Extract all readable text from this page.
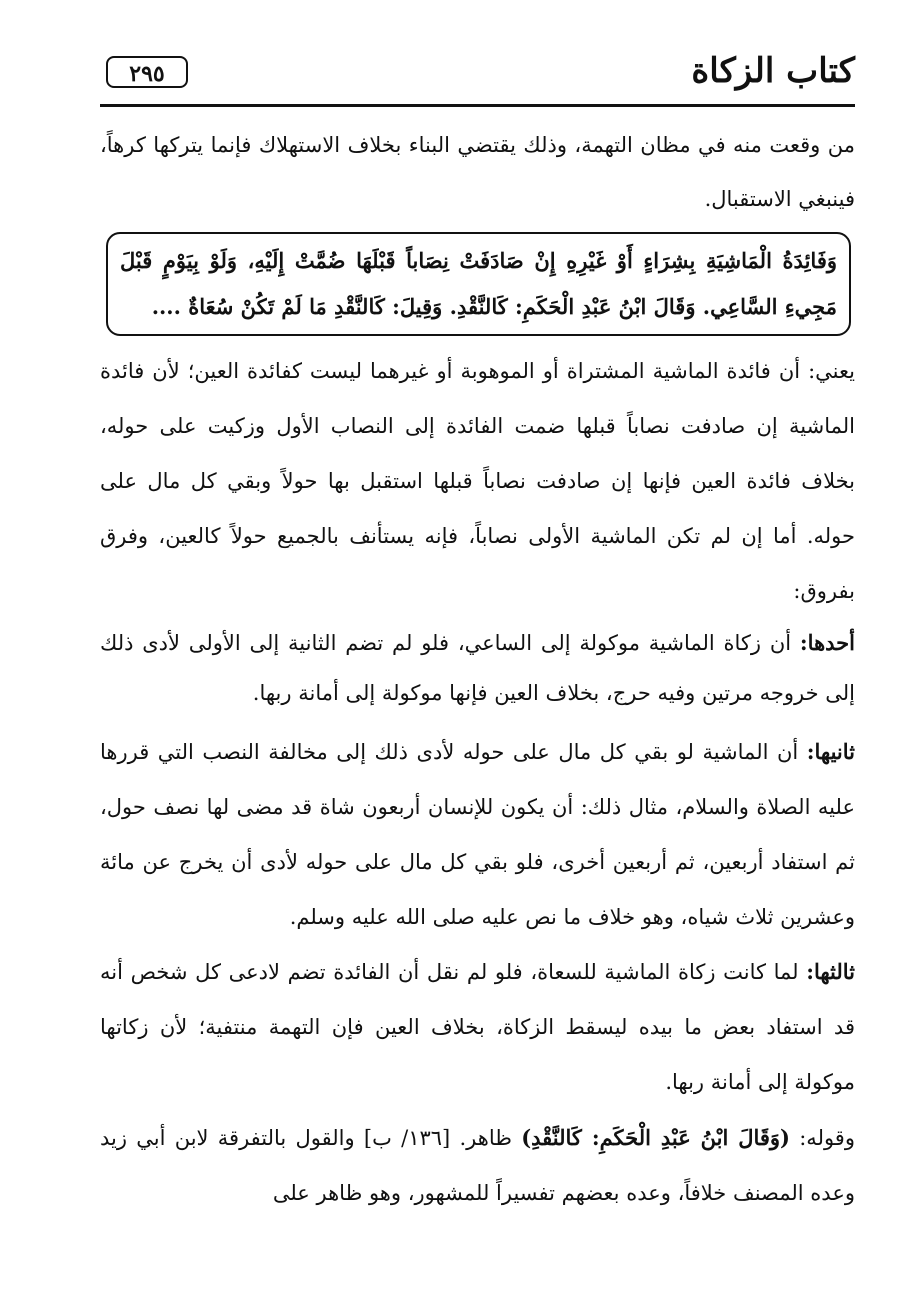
كتاب الزكاة
٢٩٥

من وقعت منه في مظان التهمة، وذلك يقتضي البناء بخلاف الاستهلاك فإنما يتركها كرهاً، فينبغي الاستقبال.

وَفَائِدَةُ الْمَاشِيَةِ بِشِرَاءٍ أَوْ غَيْرِهِ إِنْ صَادَفَتْ نِصَاباً قَبْلَهَا ضُمَّتْ إِلَيْهِ، وَلَوْ بِيَوْمٍ قَبْلَ مَجِيءِ السَّاعِي. وَقَالَ ابْنُ عَبْدِ الْحَكَمِ: كَالنَّقْدِ. وَقِيلَ: كَالنَّقْدِ مَا لَمْ تَكُنْ سُعَاةٌ ....

يعني: أن فائدة الماشية المشتراة أو الموهوبة أو غيرهما ليست كفائدة العين؛ لأن فائدة الماشية إن صادفت نصاباً قبلها ضمت الفائدة إلى النصاب الأول وزكيت على حوله، بخلاف فائدة العين فإنها إن صادفت نصاباً قبلها استقبل بها حولاً وبقي كل مال على حوله. أما إن لم تكن الماشية الأولى نصاباً، فإنه يستأنف بالجميع حولاً كالعين، وفرق بفروق:

أحدها: أن زكاة الماشية موكولة إلى الساعي، فلو لم تضم الثانية إلى الأولى لأدى ذلك إلى خروجه مرتين وفيه حرج، بخلاف العين فإنها موكولة إلى أمانة ربها.

ثانيها: أن الماشية لو بقي كل مال على حوله لأدى ذلك إلى مخالفة النصب التي قررها عليه الصلاة والسلام، مثال ذلك: أن يكون للإنسان أربعون شاة قد مضى لها نصف حول، ثم استفاد أربعين، ثم أربعين أخرى، فلو بقي كل مال على حوله لأدى أن يخرج عن مائة وعشرين ثلاث شياه، وهو خلاف ما نص عليه صلى الله عليه وسلم.

ثالثها: لما كانت زكاة الماشية للسعاة، فلو لم نقل أن الفائدة تضم لادعى كل شخص أنه قد استفاد بعض ما بيده ليسقط الزكاة، بخلاف العين فإن التهمة منتفية؛ لأن زكاتها موكولة إلى أمانة ربها.

وقوله: (وَقَالَ ابْنُ عَبْدِ الْحَكَمِ: كَالنَّقْدِ) ظاهر. [١٣٦/ ب] والقول بالتفرقة لابن أبي زيد وعده المصنف خلافاً، وعده بعضهم تفسيراً للمشهور، وهو ظاهر على
